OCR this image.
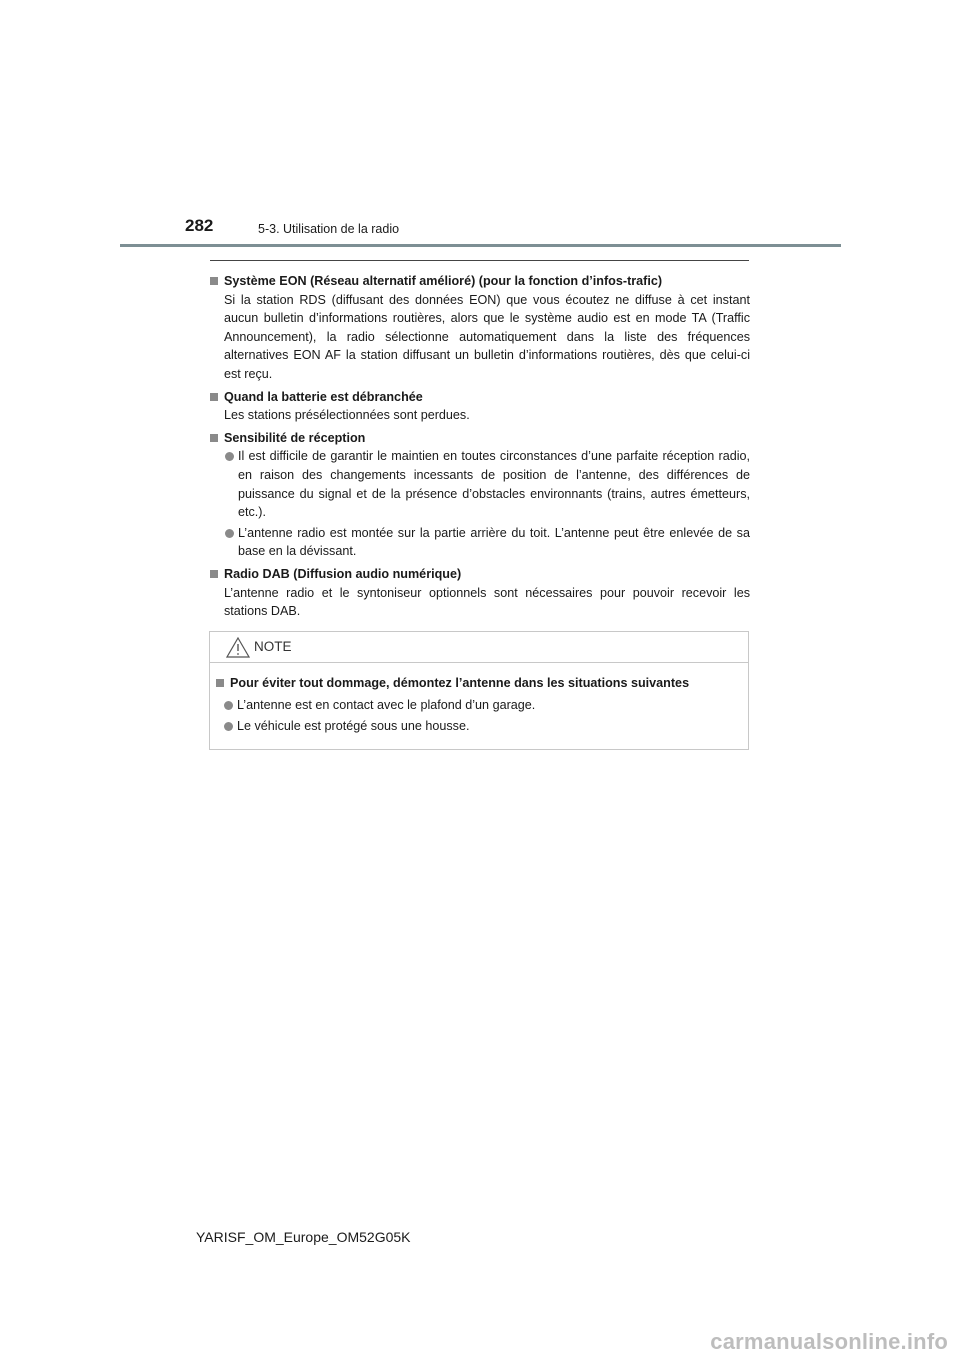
282	5-3. Utilisation de la radio
Système EON (Réseau alternatif amélioré) (pour la fonction d’infos-trafic)
Si la station RDS (diffusant des données EON) que vous écoutez ne diffuse à cet instant aucun bulletin d’informations routières, alors que le système audio est en mode TA (Traffic Announcement), la radio sélectionne automatiquement dans la liste des fréquences alternatives EON AF la station diffusant un bulletin d’informations routières, dès que celui-ci est reçu.
Quand la batterie est débranchée
Les stations présélectionnées sont perdues.
Sensibilité de réception
Il est difficile de garantir le maintien en toutes circonstances d’une parfaite réception radio, en raison des changements incessants de position de l’antenne, des différences de puissance du signal et de la présence d’obstacles environnants (trains, autres émetteurs, etc.).
L’antenne radio est montée sur la partie arrière du toit. L’antenne peut être enlevée de sa base en la dévissant.
Radio DAB (Diffusion audio numérique)
L’antenne radio et le syntoniseur optionnels sont nécessaires pour pouvoir recevoir les stations DAB.
NOTE
Pour éviter tout dommage, démontez l’antenne dans les situations suivantes
L’antenne est en contact avec le plafond d’un garage.
Le véhicule est protégé sous une housse.
YARISF_OM_Europe_OM52G05K
carmanualsonline.info
